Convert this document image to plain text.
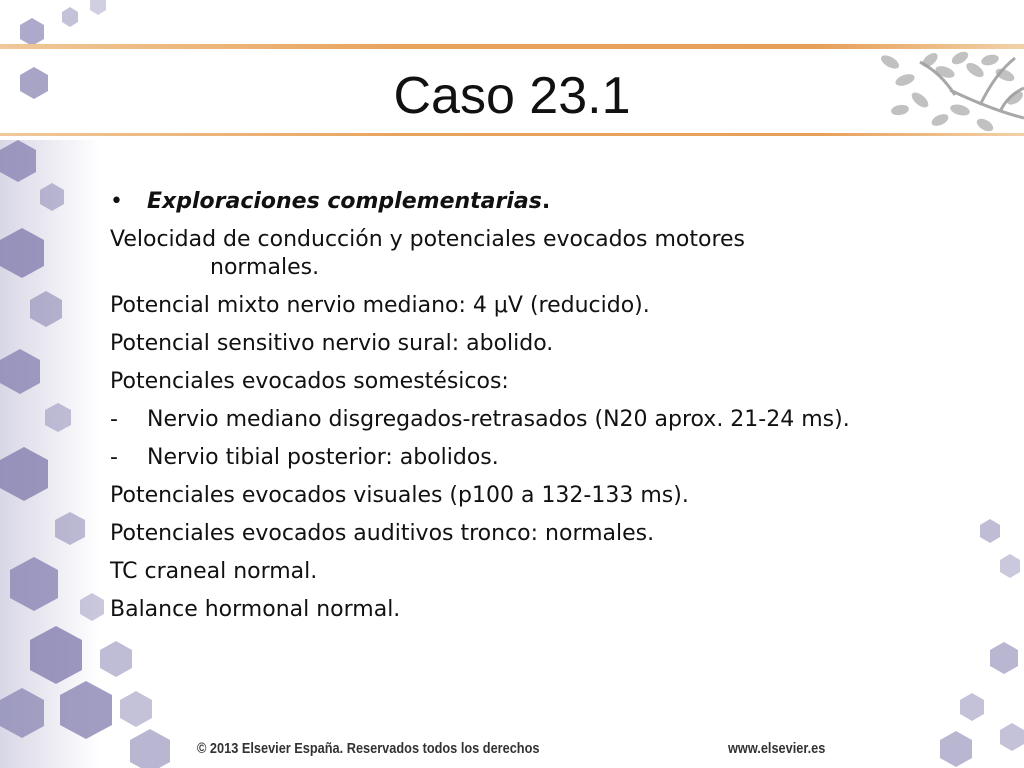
Caso 23.1
• Exploraciones complementarias.
Velocidad de conducción y potenciales evocados motores
normales.
Potencial mixto nervio mediano: 4 μV (reducido).
Potencial sensitivo nervio sural: abolido.
Potenciales evocados somestésicos:
- Nervio mediano disgregados-retrasados (N20 aprox. 21-24 ms).
- Nervio tibial posterior: abolidos.
Potenciales evocados visuales (p100 a 132-133 ms).
Potenciales evocados auditivos tronco: normales.
TC craneal normal.
Balance hormonal normal.
© 2013 Elsevier España. Reservados todos los derechos	www.elsevier.es
